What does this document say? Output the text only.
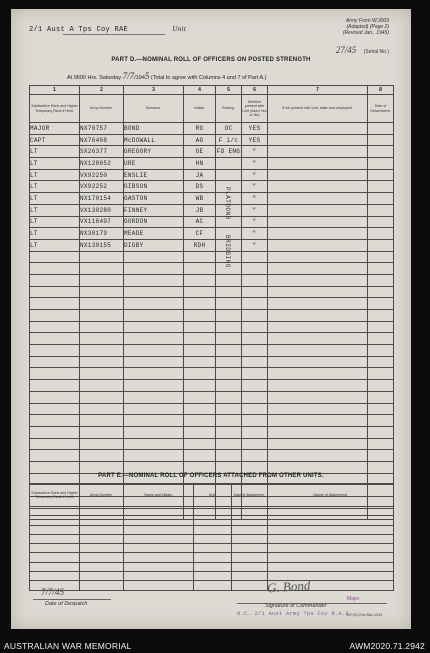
2/1 Aust A Tps Coy RAE	Unit
Army Form W.3009
(Adapted) (Page 2)
(Revised Jan., 1945)
27/45 (Serial No.)
PART D.—NOMINAL ROLL OF OFFICERS ON POSTED STRENGTH
At 0600 Hrs. Saturday 7/7/1945 (Total to agree with Columns 4 and 7 of Part A.)
1	2	3	4	5	6	7	8
Substantive Rank and Higher Temporary Rank if Held.	Army Number.	Surname.	Initials.	Posting.	Whether present with Unit (insert Yes or No)	If not present with Unit, state how employed.	Date of Detachment.
MAJOR	NX70757	BOND	RG	OC	YES		
CAPT	NX76468	McDOWALL	AG	F i/c	YES		
LT	SX26377	GREGORY	GE	FD ENG	"		
LT	NX128652	URE	HN		"		
LT	VX92250	ENSLIE	JA		"		
LT	VX92252	GIBSON	DS		"		
LT	NX170154	GASTON	WB		"		
LT	VX130280	FINNEY	JB		"		
LT	VX116497	GORDON	AC		"		
LT	NX30179	MEADE	CF		"		
LT	NX130155	DIGBY	RDH		"		

PLATOONS
BRIDGING
PART E.—NOMINAL ROLL OF OFFICERS ATTACHED FROM OTHER UNITS.
Substantive Rank and Higher Temporary Rank if Held.	Army Number.	Name and Initials.	Unit.	Date of Attachment.	Nature of Attachment.

7/7/45
Date of Despatch
G. Bond
Major
Signature of Commander
O.C. 2/1 Aust Army Tps Coy R.A.E.
A.P.(B) 20m Bks 12/44
AUSTRALIAN WAR MEMORIAL	AWM2020.71.2942
